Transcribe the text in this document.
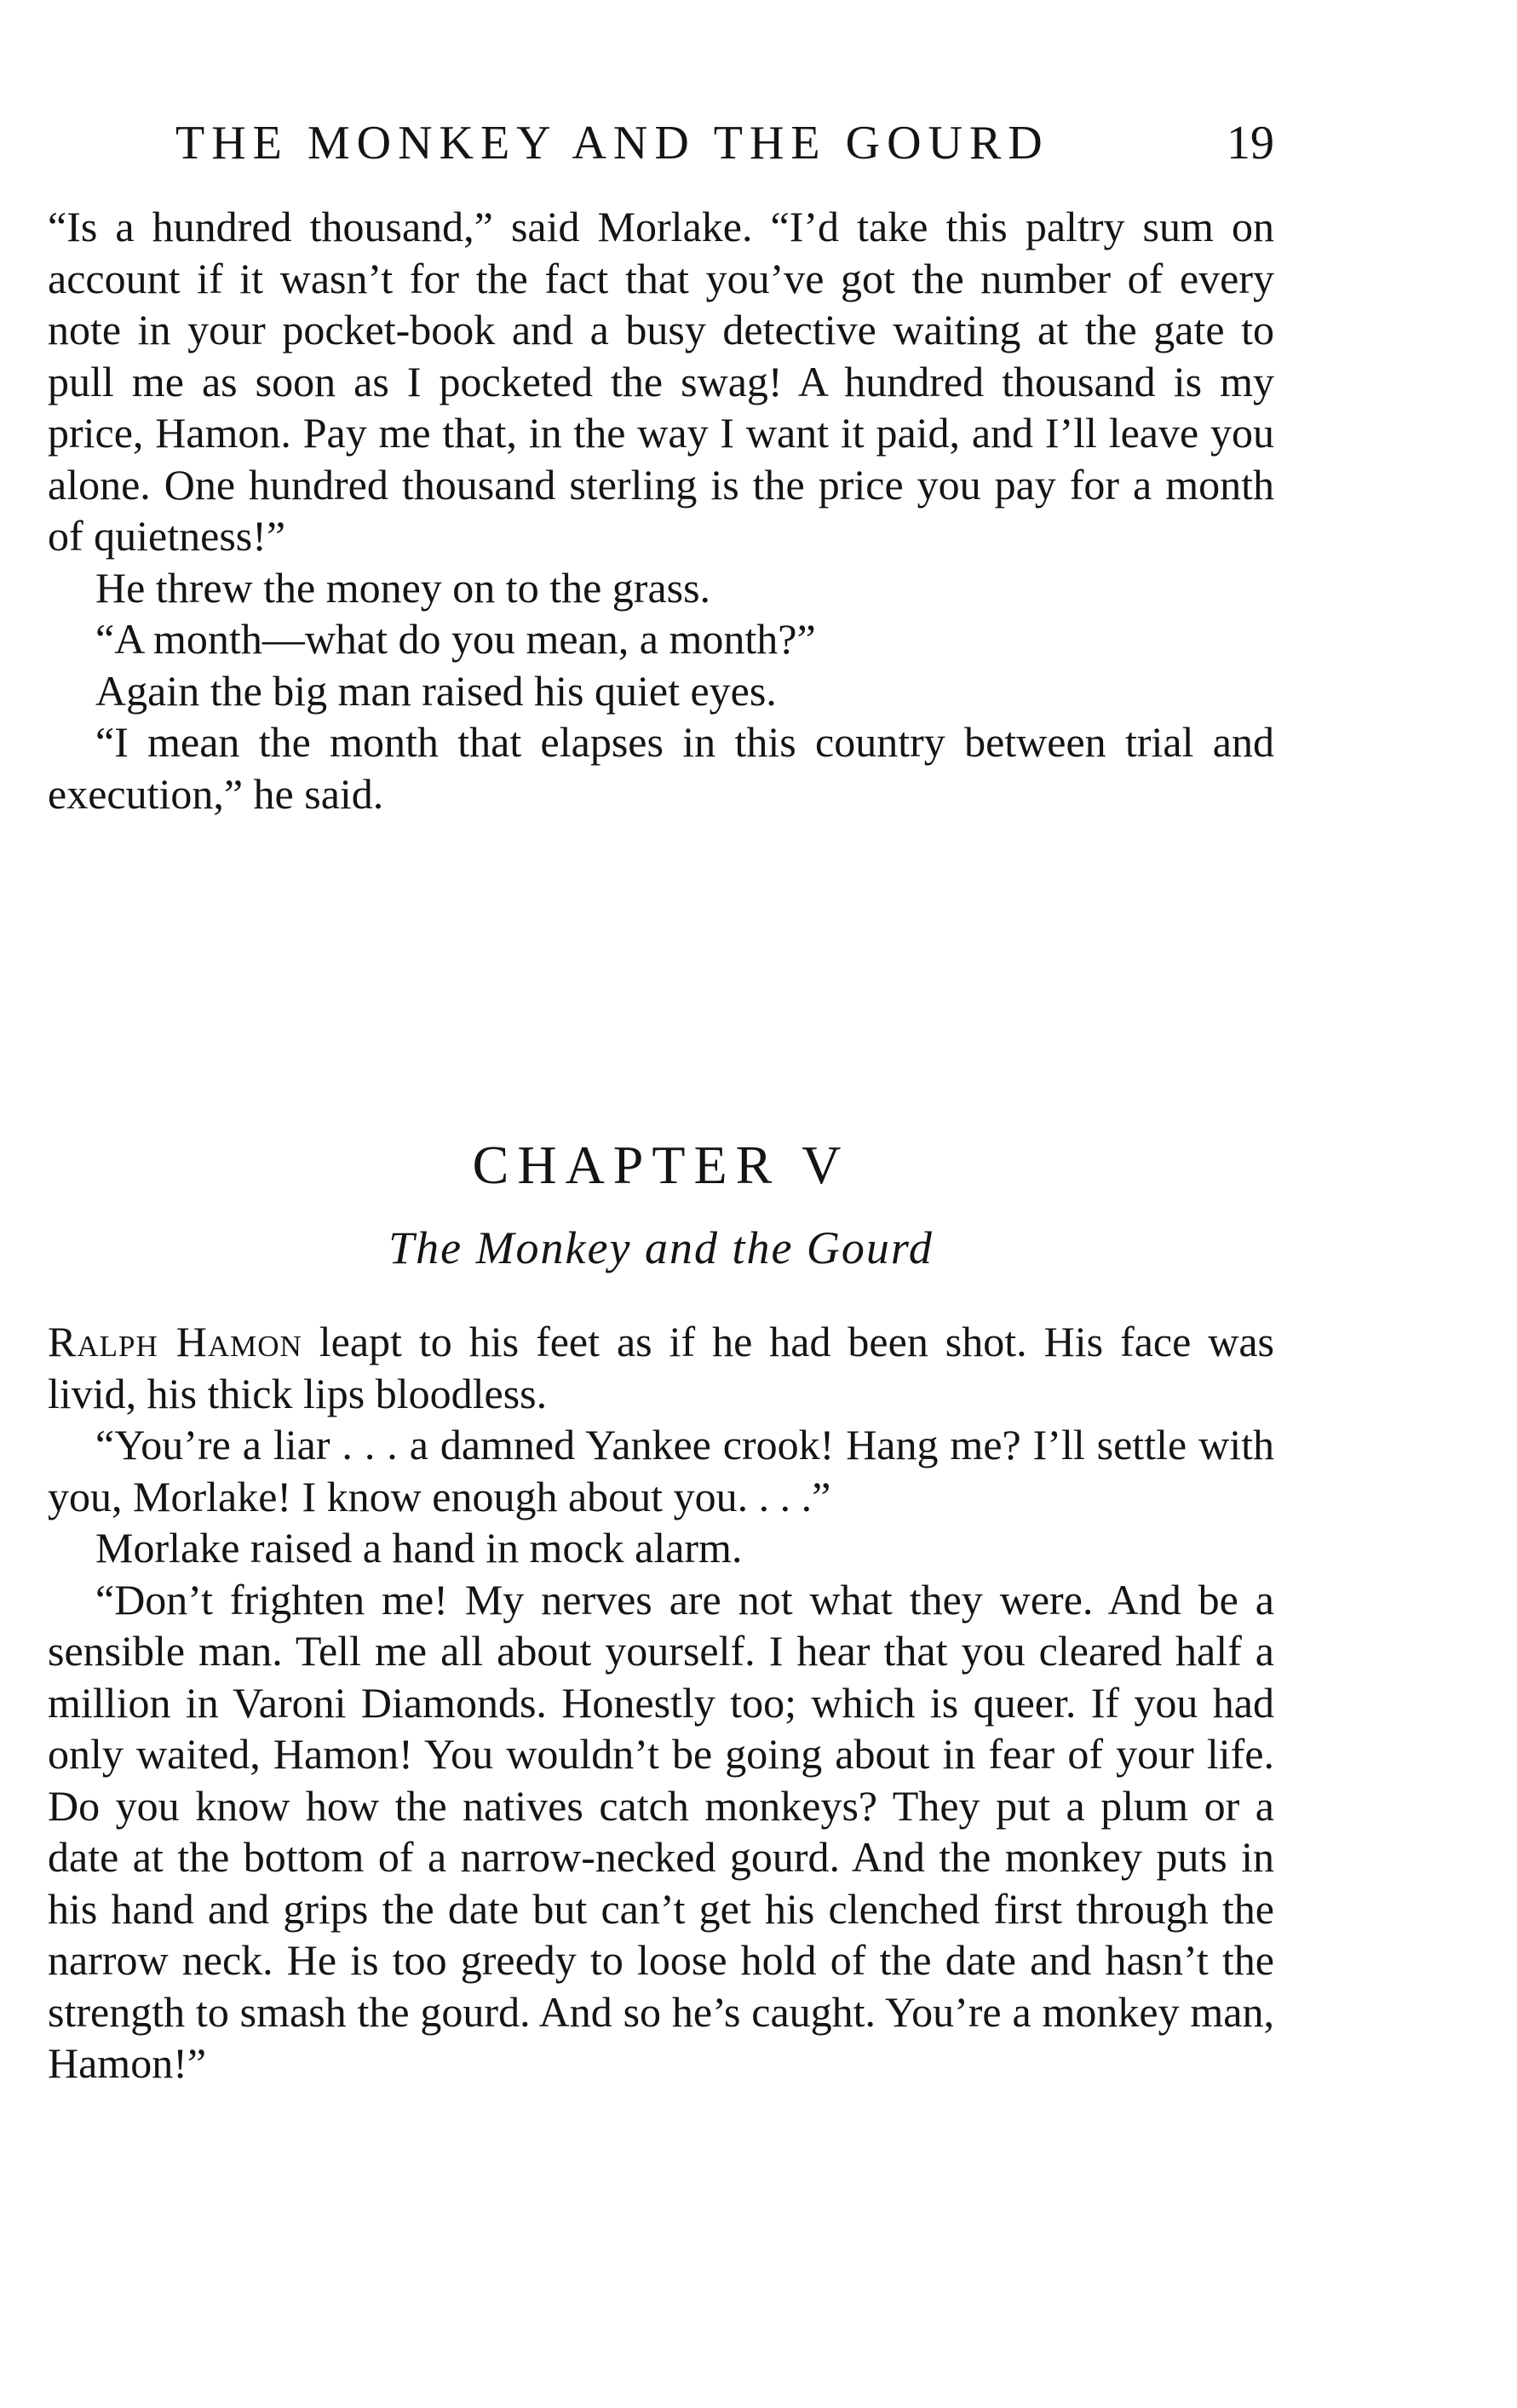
THE MONKEY AND THE GOURD	19

“Is a hundred thousand,” said Morlake. “I’d take this paltry sum on account if it wasn’t for the fact that you’ve got the number of every note in your pocket-book and a busy detective waiting at the gate to pull me as soon as I pocketed the swag! A hundred thousand is my price, Hamon. Pay me that, in the way I want it paid, and I’ll leave you alone. One hundred thousand sterling is the price you pay for a month of quietness!”

He threw the money on to the grass.

“A month—what do you mean, a month?”

Again the big man raised his quiet eyes.

“I mean the month that elapses in this country between trial and execution,” he said.

CHAPTER V
The Monkey and the Gourd

Ralph Hamon leapt to his feet as if he had been shot. His face was livid, his thick lips bloodless.

“You’re a liar . . . a damned Yankee crook! Hang me? I’ll settle with you, Morlake! I know enough about you. . . .”

Morlake raised a hand in mock alarm.

“Don’t frighten me! My nerves are not what they were. And be a sensible man. Tell me all about yourself. I hear that you cleared half a million in Varoni Diamonds. Honestly too; which is queer. If you had only waited, Hamon! You wouldn’t be going about in fear of your life. Do you know how the natives catch monkeys? They put a plum or a date at the bottom of a narrow-necked gourd. And the monkey puts in his hand and grips the date but can’t get his clenched first through the narrow neck. He is too greedy to loose hold of the date and hasn’t the strength to smash the gourd. And so he’s caught. You’re a monkey man, Hamon!”
